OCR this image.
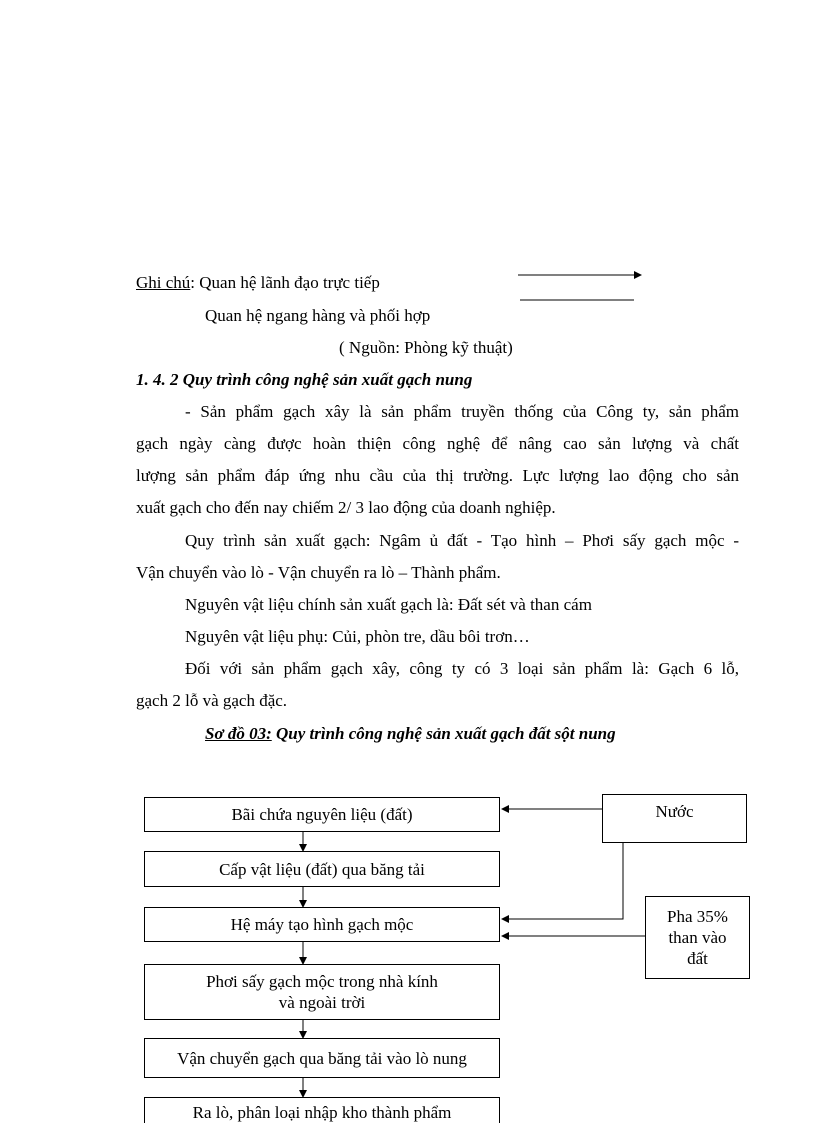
Ghi chú: Quan hệ lãnh đạo trực tiếp
Quan hệ ngang hàng và phối hợp
( Nguồn: Phòng kỹ thuật)
1. 4. 2 Quy trình công nghệ sản xuất gạch nung
- Sản phẩm gạch xây là sản phẩm truyền thống của Công ty, sản phẩm
gạch ngày càng được hoàn thiện công nghệ để nâng cao sản lượng và chất
lượng sản phẩm đáp ứng nhu cầu của thị trường. Lực lượng lao động cho sản
xuất gạch cho đến nay chiếm 2/ 3 lao động của doanh nghiệp.
Quy trình sản xuất gạch: Ngâm ủ đất - Tạo hình – Phơi sấy gạch mộc -
Vận chuyển vào lò - Vận chuyển ra lò – Thành phẩm.
Nguyên vật liệu chính sản xuất gạch là: Đất sét và than cám
Nguyên vật liệu phụ: Củi, phòn tre, dầu bôi trơn…
Đối với sản phẩm gạch xây, công ty có 3 loại sản phẩm là: Gạch 6 lỗ,
gạch 2 lỗ và gạch đặc.
Sơ đồ 03: Quy trình công nghệ sản xuất gạch đất sột nung
Bãi chứa nguyên liệu (đất)
Cấp vật liệu (đất) qua băng tải
Hệ máy tạo hình gạch mộc
Phơi sấy gạch mộc trong nhà kính
và ngoài trời
Vận chuyển gạch qua băng tải vào lò nung
Ra lò, phân loại nhập kho thành phẩm
Nước
Pha 35%
than vào
đất
